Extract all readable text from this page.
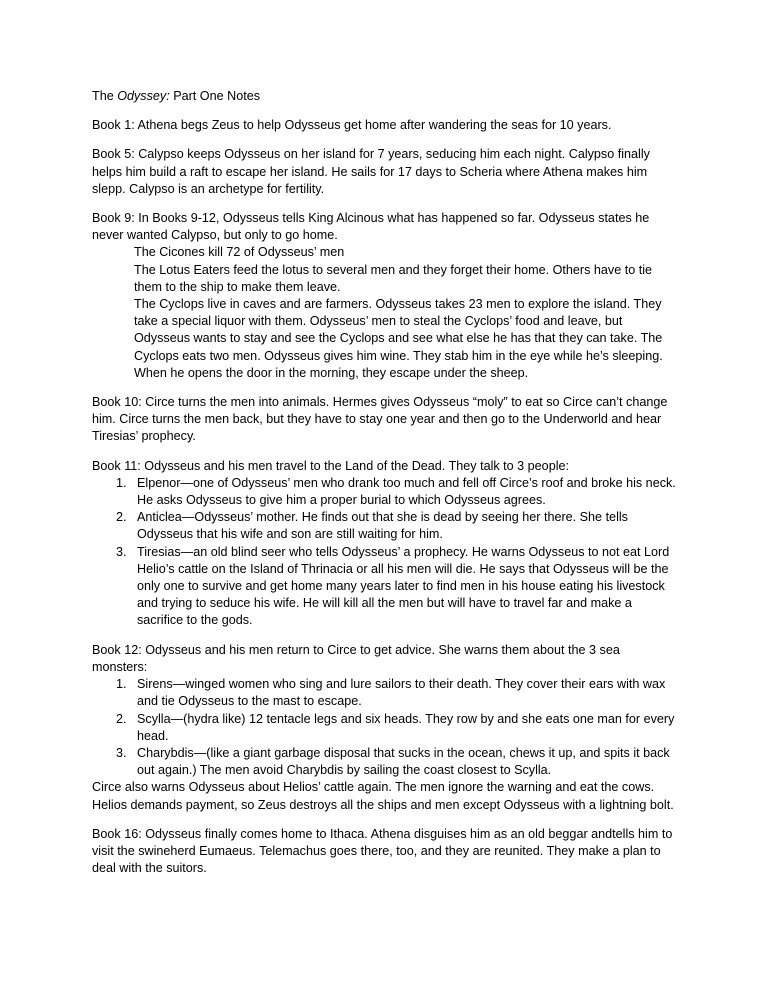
The Odyssey: Part One Notes

Book 1: Athena begs Zeus to help Odysseus get home after wandering the seas for 10 years.

Book 5: Calypso keeps Odysseus on her island for 7 years, seducing him each night. Calypso finally helps him build a raft to escape her island. He sails for 17 days to Scheria where Athena makes him slepp. Calypso is an archetype for fertility.

Book 9: In Books 9-12, Odysseus tells King Alcinous what has happened so far. Odysseus states he never wanted Calypso, but only to go home.

The Cicones kill 72 of Odysseus’ men

The Lotus Eaters feed the lotus to several men and they forget their home. Others have to tie them to the ship to make them leave.

The Cyclops live in caves and are farmers. Odysseus takes 23 men to explore the island. They take a special liquor with them. Odysseus’ men to steal the Cyclops’ food and leave, but Odysseus wants to stay and see the Cyclops and see what else he has that they can take. The Cyclops eats two men. Odysseus gives him wine. They stab him in the eye while he’s sleeping. When he opens the door in the morning, they escape under the sheep.

Book 10: Circe turns the men into animals. Hermes gives Odysseus “moly” to eat so Circe can’t change him. Circe turns the men back, but they have to stay one year and then go to the Underworld and hear Tiresias’ prophecy.

Book 11: Odysseus and his men travel to the Land of the Dead. They talk to 3 people:

1. Elpenor—one of Odysseus’ men who drank too much and fell off Circe’s roof and broke his neck. He asks Odysseus to give him a proper burial to which Odysseus agrees.
2. Anticlea—Odysseus’ mother. He finds out that she is dead by seeing her there. She tells Odysseus that his wife and son are still waiting for him.
3. Tiresias—an old blind seer who tells Odysseus’ a prophecy. He warns Odysseus to not eat Lord Helio’s cattle on the Island of Thrinacia or all his men will die. He says that Odysseus will be the only one to survive and get home many years later to find men in his house eating his livestock and trying to seduce his wife. He will kill all the men but will have to travel far and make a sacrifice to the gods.

Book 12: Odysseus and his men return to Circe to get advice. She warns them about the 3 sea monsters:

1. Sirens—winged women who sing and lure sailors to their death. They cover their ears with wax and tie Odysseus to the mast to escape.
2. Scylla—(hydra like) 12 tentacle legs and six heads. They row by and she eats one man for every head.
3. Charybdis—(like a giant garbage disposal that sucks in the ocean, chews it up, and spits it back out again.) The men avoid Charybdis by sailing the coast closest to Scylla.

Circe also warns Odysseus about Helios’ cattle again. The men ignore the warning and eat the cows. Helios demands payment, so Zeus destroys all the ships and men except Odysseus with a lightning bolt.

Book 16: Odysseus finally comes home to Ithaca. Athena disguises him as an old beggar andtells him to visit the swineherd Eumaeus. Telemachus goes there, too, and they are reunited. They make a plan to deal with the suitors.
